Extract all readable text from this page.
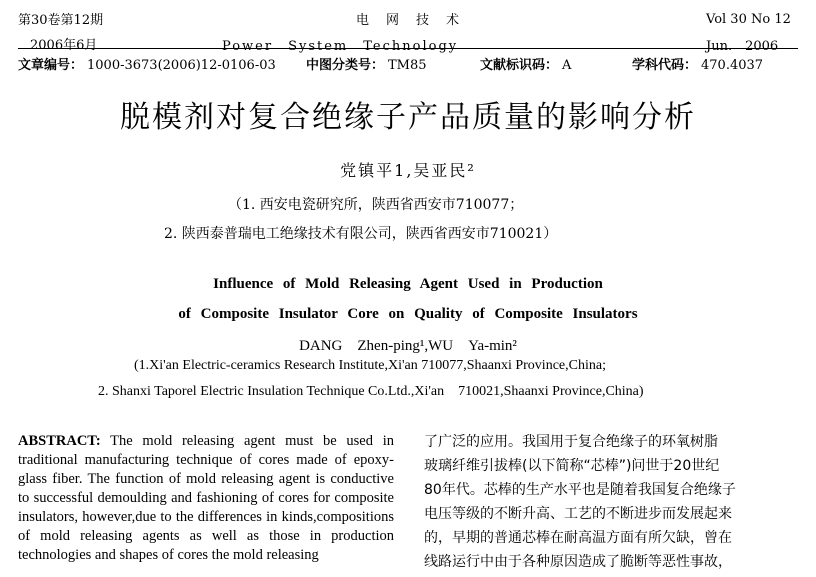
第30卷第12期	电　网　技　术	Vol 30 No 12
2006年6月	Power　System　Technology	Jun.　2006
文章编号： 1000-3673(2006)12-0106-03 中图分类号： TM85	文献标识码： A	学科代码： 470.4037
脱模剂对复合绝缘子产品质量的影响分析
党镇平1,吴亚民²
（1. 西安电瓷研究所，陕西省西安市710077；
2. 陕西泰普瑞电工绝缘技术有限公司，陕西省西安市710021）
Influence of Mold Releasing Agent Used in Production
of Composite Insulator Core on Quality of Composite Insulators
DANG　Zhen-ping¹,WU　Ya-min²
(1.Xi'an Electric-ceramics Research Institute,Xi'an 710077,Shaanxi Province,China;
2. Shanxi Taporel Electric Insulation Technique Co.Ltd.,Xi'an　710021,Shaanxi Province,China)
ABSTRACT: The mold releasing agent must be used in traditional manufacturing technique of cores made of epoxy-glass fiber. The function of mold releasing agent is conductive to successful demoulding and fashioning of cores for composite insulators, however,due to the differences in kinds,compositions of mold releasing agents as well as those in production technologies and shapes of cores the mold releasing
了广泛的应用。我国用于复合绝缘子的环氧树脂
玻璃纤维引拔棒(以下简称“芯棒”)问世于20世纪
80年代。芯棒的生产水平也是随着我国复合绝缘子
电压等级的不断升高、工艺的不断进步而发展起来
的，早期的普通芯棒在耐高温方面有所欠缺，曾在
线路运行中由于各种原因造成了脆断等恶性事故，
